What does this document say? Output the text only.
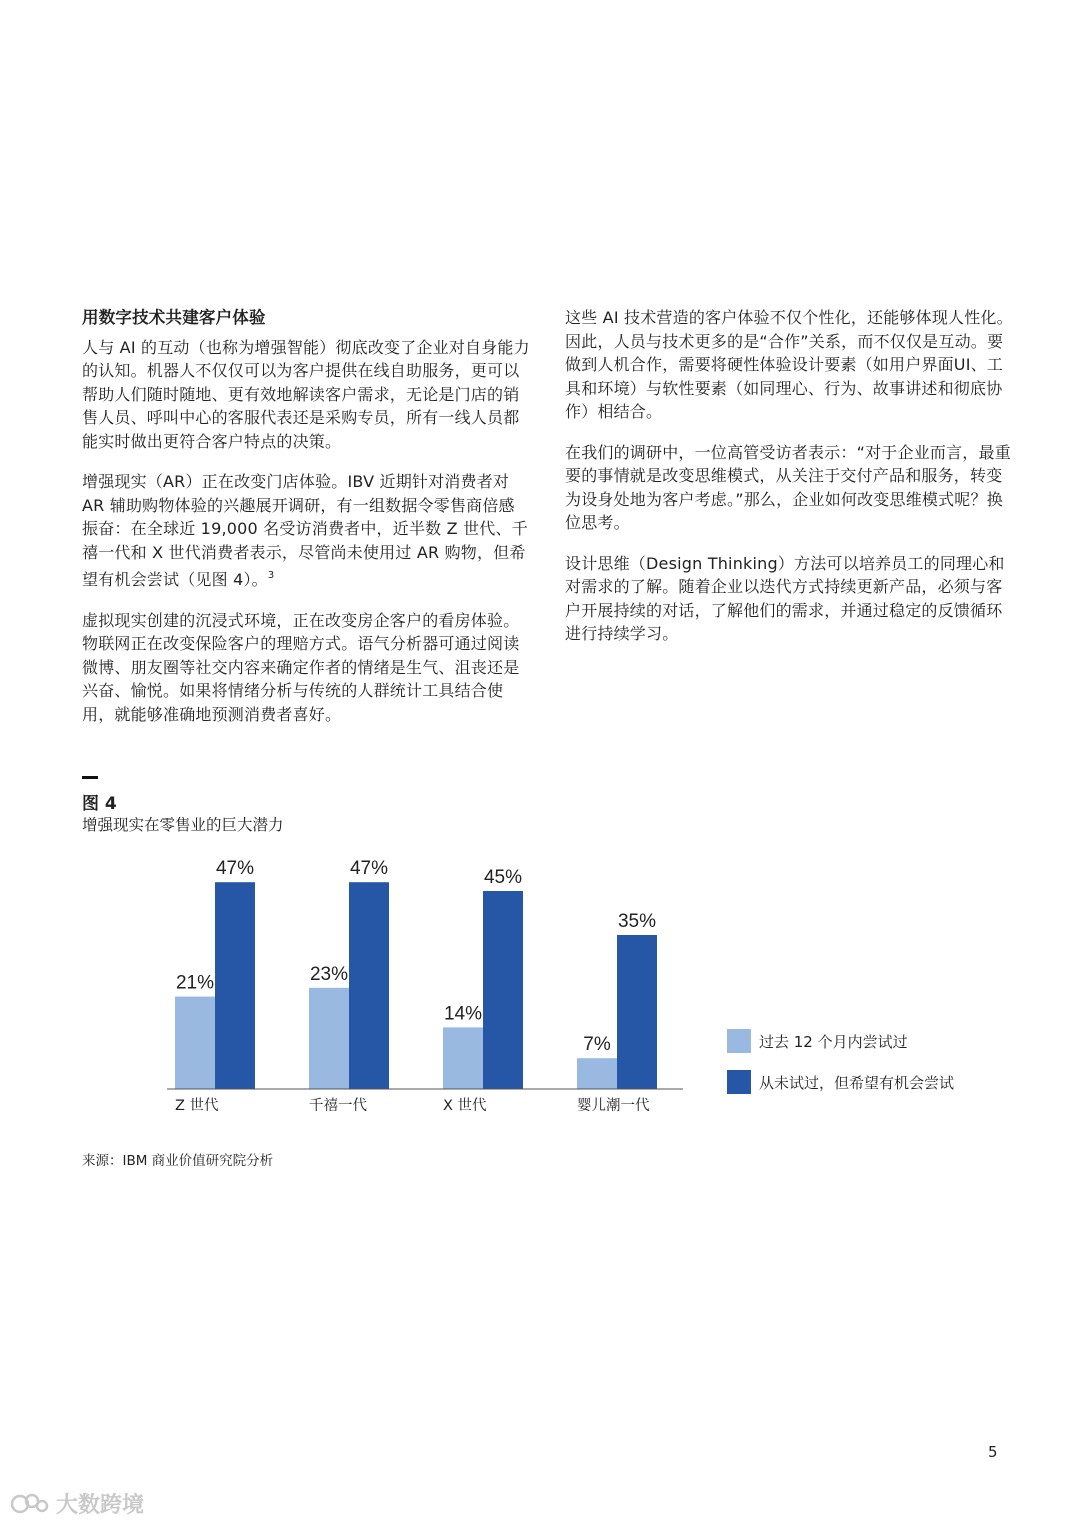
用数字技术共建客户体验

人与 AI 的互动（也称为增强智能）彻底改变了企业对自身能力的认知。机器人不仅仅可以为客户提供在线自助服务，更可以帮助人们随时随地、更有效地解读客户需求，无论是门店的销售人员、呼叫中心的客服代表还是采购专员，所有一线人员都能实时做出更符合客户特点的决策。

增强现实（AR）正在改变门店体验。IBV 近期针对消费者对 AR 辅助购物体验的兴趣展开调研，有一组数据令零售商倍感振奋：在全球近 19,000 名受访消费者中，近半数 Z 世代、千禧一代和 X 世代消费者表示，尽管尚未使用过 AR 购物，但希望有机会尝试（见图 4）。$^3$

虚拟现实创建的沉浸式环境，正在改变房企客户的看房体验。物联网正在改变保险客户的理赔方式。语气分析器可通过阅读微博、朋友圈等社交内容来确定作者的情绪是生气、沮丧还是兴奋、愉悦。如果将情绪分析与传统的人群统计工具结合使用，就能够准确地预测消费者喜好。

这些 AI 技术营造的客户体验不仅个性化，还能够体现人性化。因此，人员与技术更多的是“合作”关系，而不仅仅是互动。要做到人机合作，需要将硬性体验设计要素（如用户界面UI、工具和环境）与软性要素（如同理心、行为、故事讲述和彻底协作）相结合。

在我们的调研中，一位高管受访者表示：“对于企业而言，最重要的事情就是改变思维模式，从关注于交付产品和服务，转变为设身处地为客户考虑。”那么，企业如何改变思维模式呢？换位思考。

设计思维（Design Thinking）方法可以培养员工的同理心和对需求的了解。随着企业以迭代方式持续更新产品，必须与客户开展持续的对话，了解他们的需求，并通过稳定的反馈循环进行持续学习。

图 4
增强现实在零售业的巨大潜力
21%
47%
Z 世代
23%
47%
千禧一代
14%
45%
X 世代
7%
35%
婴儿潮一代
过去 12 个月内尝试过
从未试过，但希望有机会尝试
来源：IBM 商业价值研究院分析
5
大数跨境
